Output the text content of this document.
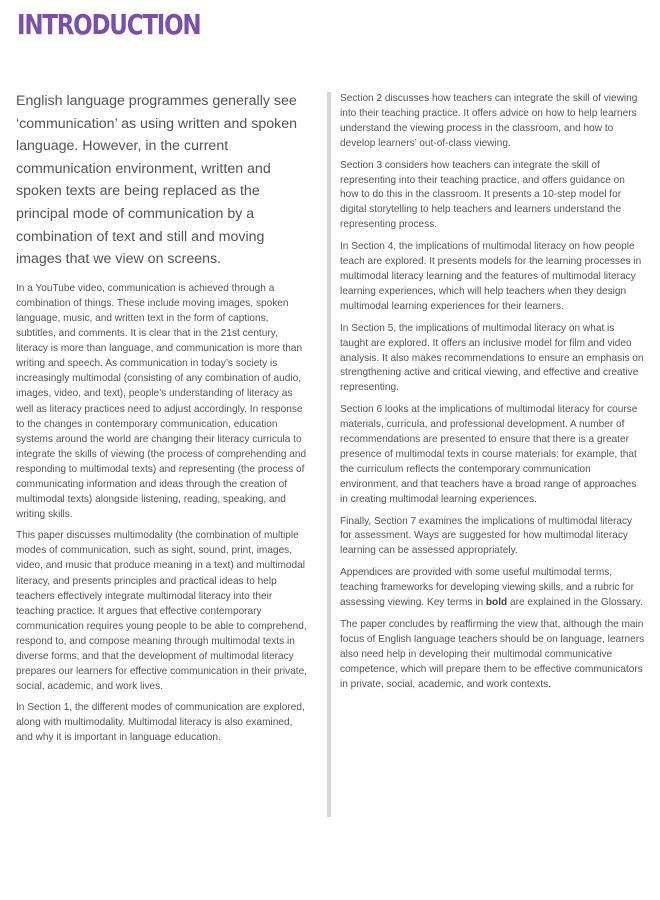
INTRODUCTION

English language programmes generally see ‘communication’ as using written and spoken language. However, in the current communication environment, written and spoken texts are being replaced as the principal mode of communication by a combination of text and still and moving images that we view on screens.

In a YouTube video, communication is achieved through a combination of things. These include moving images, spoken language, music, and written text in the form of captions, subtitles, and comments. It is clear that in the 21st century, literacy is more than language, and communication is more than writing and speech. As communication in today’s society is increasingly multimodal (consisting of any combination of audio, images, video, and text), people’s understanding of literacy as well as literacy practices need to adjust accordingly. In response to the changes in contemporary communication, education systems around the world are changing their literacy curricula to integrate the skills of viewing (the process of comprehending and responding to multimodal texts) and representing (the process of communicating information and ideas through the creation of multimodal texts) alongside listening, reading, speaking, and writing skills.

This paper discusses multimodality (the combination of multiple modes of communication, such as sight, sound, print, images, video, and music that produce meaning in a text) and multimodal literacy, and presents principles and practical ideas to help teachers effectively integrate multimodal literacy into their teaching practice. It argues that effective contemporary communication requires young people to be able to comprehend, respond to, and compose meaning through multimodal texts in diverse forms, and that the development of multimodal literacy prepares our learners for effective communication in their private, social, academic, and work lives.

In Section 1, the different modes of communication are explored, along with multimodality. Multimodal literacy is also examined, and why it is important in language education.

Section 2 discusses how teachers can integrate the skill of viewing into their teaching practice. It offers advice on how to help learners understand the viewing process in the classroom, and how to develop learners’ out-of-class viewing.

Section 3 considers how teachers can integrate the skill of representing into their teaching practice, and offers guidance on how to do this in the classroom. It presents a 10-step model for digital storytelling to help teachers and learners understand the representing process.

In Section 4, the implications of multimodal literacy on how people teach are explored. It presents models for the learning processes in multimodal literacy learning and the features of multimodal literacy learning experiences, which will help teachers when they design multimodal learning experiences for their learners.

In Section 5, the implications of multimodal literacy on what is taught are explored. It offers an inclusive model for film and video analysis. It also makes recommendations to ensure an emphasis on strengthening active and critical viewing, and effective and creative representing.

Section 6 looks at the implications of multimodal literacy for course materials, curricula, and professional development. A number of recommendations are presented to ensure that there is a greater presence of multimodal texts in course materials: for example, that the curriculum reflects the contemporary communication environment, and that teachers have a broad range of approaches in creating multimodal learning experiences.

Finally, Section 7 examines the implications of multimodal literacy for assessment. Ways are suggested for how multimodal literacy learning can be assessed appropriately.

Appendices are provided with some useful multimodal terms, teaching frameworks for developing viewing skills, and a rubric for assessing viewing. Key terms in bold are explained in the Glossary.

The paper concludes by reaffirming the view that, although the main focus of English language teachers should be on language, learners also need help in developing their multimodal communicative competence, which will prepare them to be effective communicators in private, social, academic, and work contexts.
